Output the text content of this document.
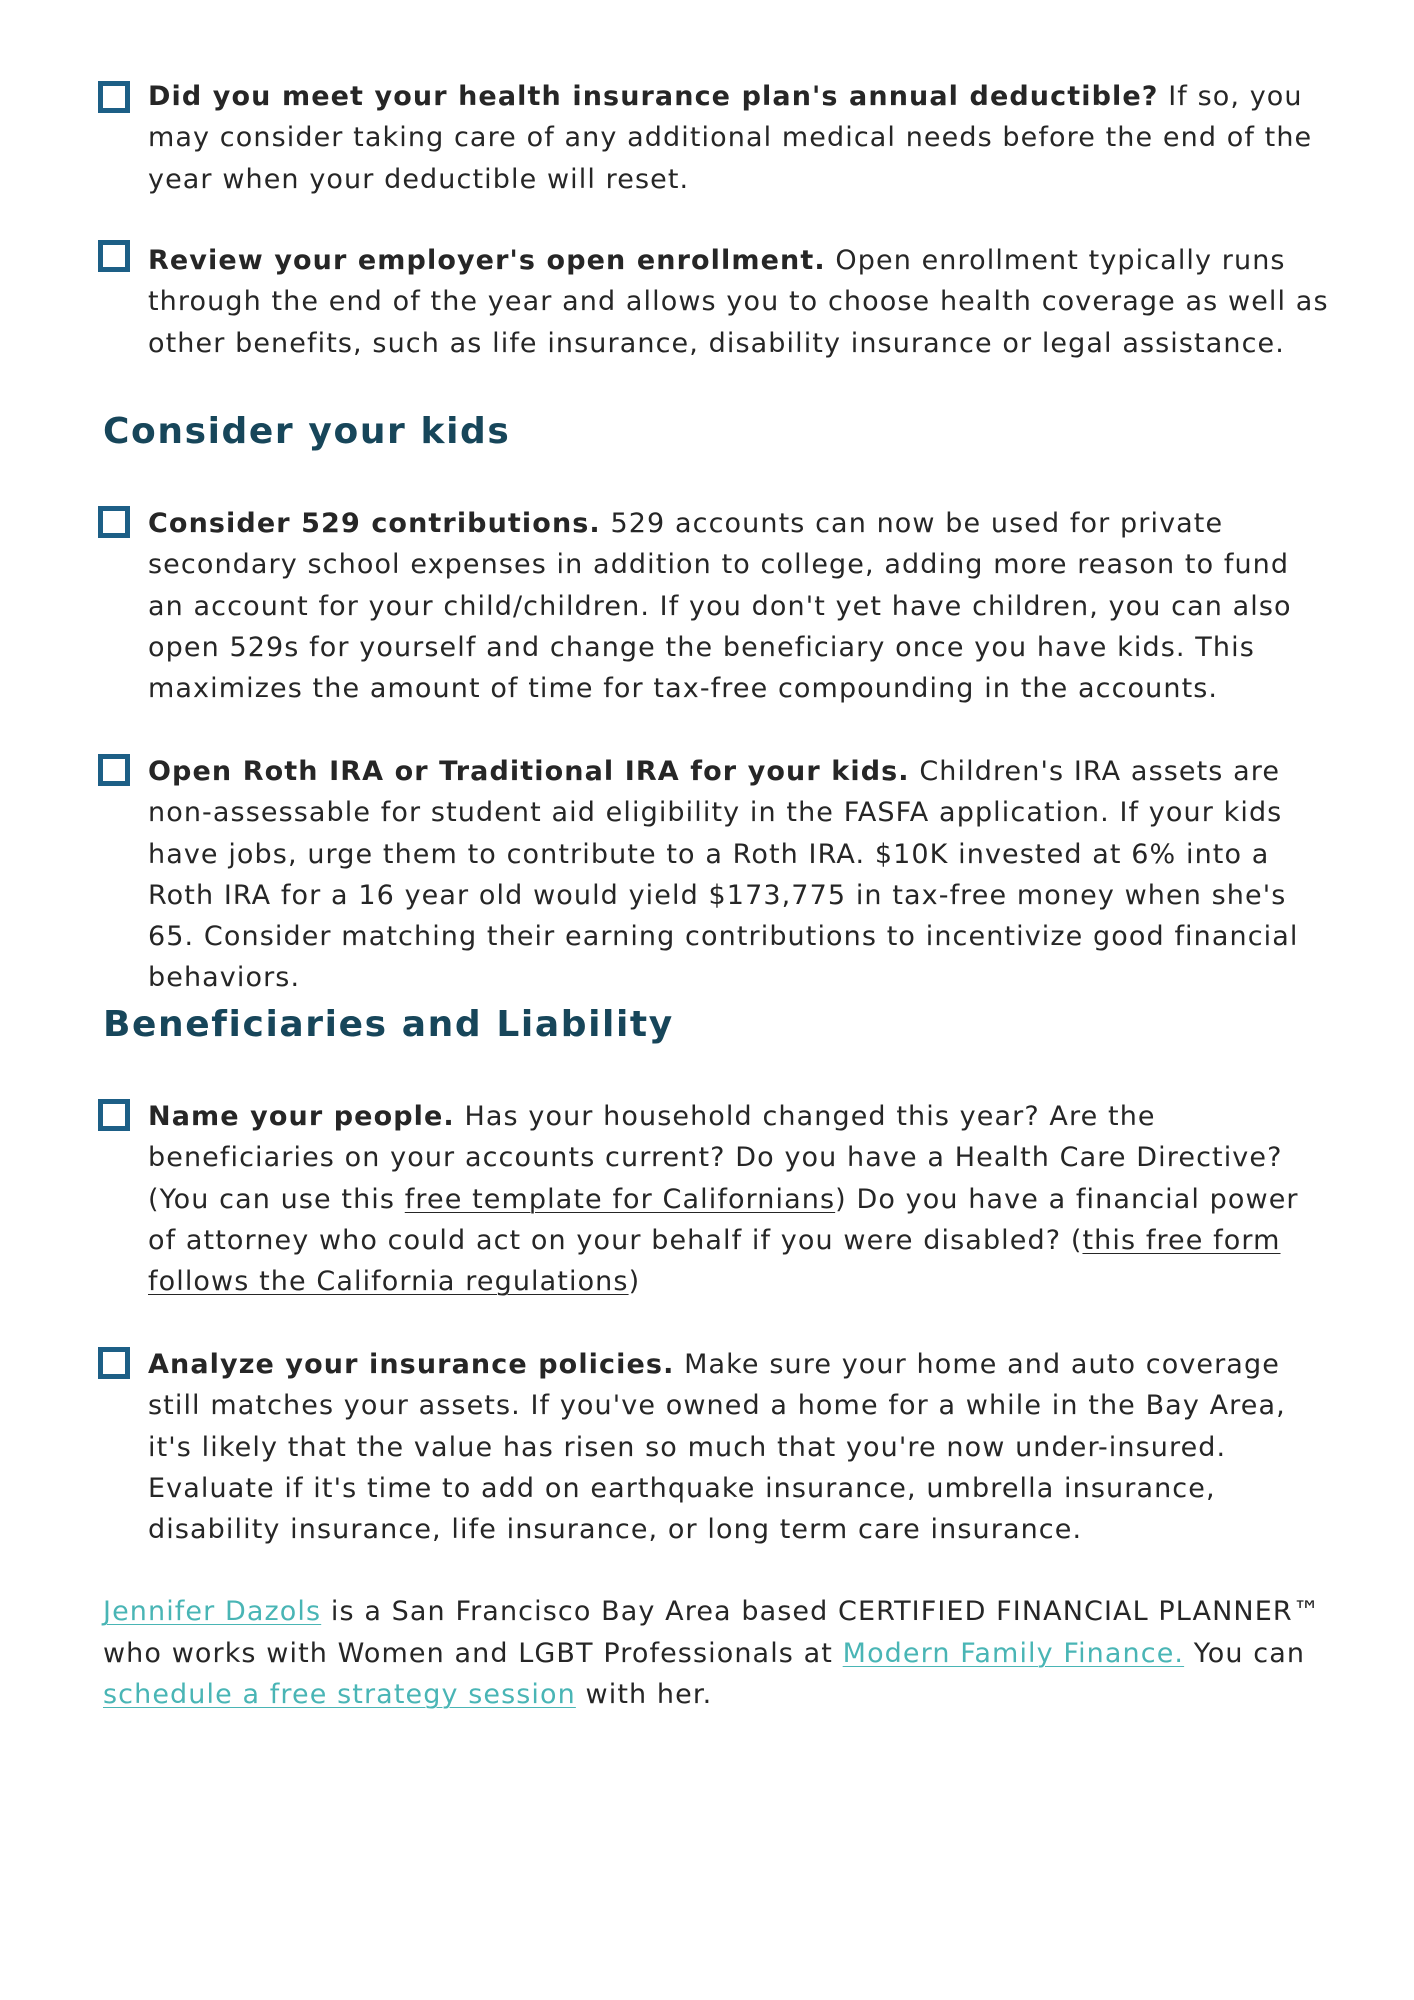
Did you meet your health insurance plan's annual deductible? If so, you may consider taking care of any additional medical needs before the end of the year when your deductible will reset.
Review your employer's open enrollment. Open enrollment typically runs through the end of the year and allows you to choose health coverage as well as other benefits, such as life insurance, disability insurance or legal assistance.
Consider your kids
Consider 529 contributions. 529 accounts can now be used for private secondary school expenses in addition to college, adding more reason to fund an account for your child/children. If you don't yet have children, you can also open 529s for yourself and change the beneficiary once you have kids. This maximizes the amount of time for tax-free compounding in the accounts.
Open Roth IRA or Traditional IRA for your kids. Children's IRA assets are non-assessable for student aid eligibility in the FASFA application. If your kids have jobs, urge them to contribute to a Roth IRA. $10K invested at 6% into a Roth IRA for a 16 year old would yield $173,775 in tax-free money when she's 65. Consider matching their earning contributions to incentivize good financial behaviors.
Beneficiaries and Liability
Name your people. Has your household changed this year? Are the beneficiaries on your accounts current? Do you have a Health Care Directive? (You can use this free template for Californians) Do you have a financial power of attorney who could act on your behalf if you were disabled? (this free form follows the California regulations)
Analyze your insurance policies. Make sure your home and auto coverage still matches your assets. If you've owned a home for a while in the Bay Area, it's likely that the value has risen so much that you're now under-insured. Evaluate if it's time to add on earthquake insurance, umbrella insurance, disability insurance, life insurance, or long term care insurance.
Jennifer Dazols is a San Francisco Bay Area based CERTIFIED FINANCIAL PLANNER™ who works with Women and LGBT Professionals at Modern Family Finance. You can schedule a free strategy session with her.
